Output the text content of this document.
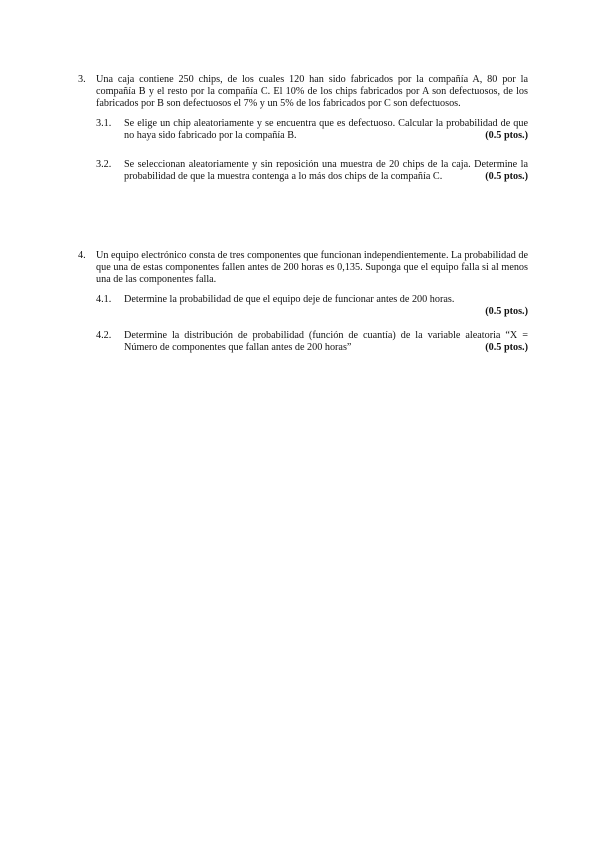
3.	Una caja contiene 250 chips, de los cuales 120 han sido fabricados por la compañía A, 80 por la compañía B y el resto por la compañía C. El 10% de los chips fabricados por A son defectuosos, de los fabricados por B son defectuosos el 7% y un 5% de los fabricados por C son defectuosos.
3.1.	Se elige un chip aleatoriamente y se encuentra que es defectuoso. Calcular la probabilidad de que no haya sido fabricado por la compañía B.	(0.5 ptos.)
3.2.	Se seleccionan aleatoriamente y sin reposición una muestra de 20 chips de la caja. Determine la probabilidad de que la muestra contenga a lo más dos chips de la compañía C.	(0.5 ptos.)
4.	Un equipo electrónico consta de tres componentes que funcionan independientemente. La probabilidad de que una de estas componentes fallen antes de 200 horas es 0,135. Suponga que el equipo falla si al menos una de las componentes falla.
4.1.	Determine la probabilidad de que el equipo deje de funcionar antes de 200 horas.
(0.5 ptos.)
4.2.	Determine la distribución de probabilidad (función de cuantía) de la variable aleatoria “X = Número de componentes que fallan antes de 200 horas”	(0.5 ptos.)
